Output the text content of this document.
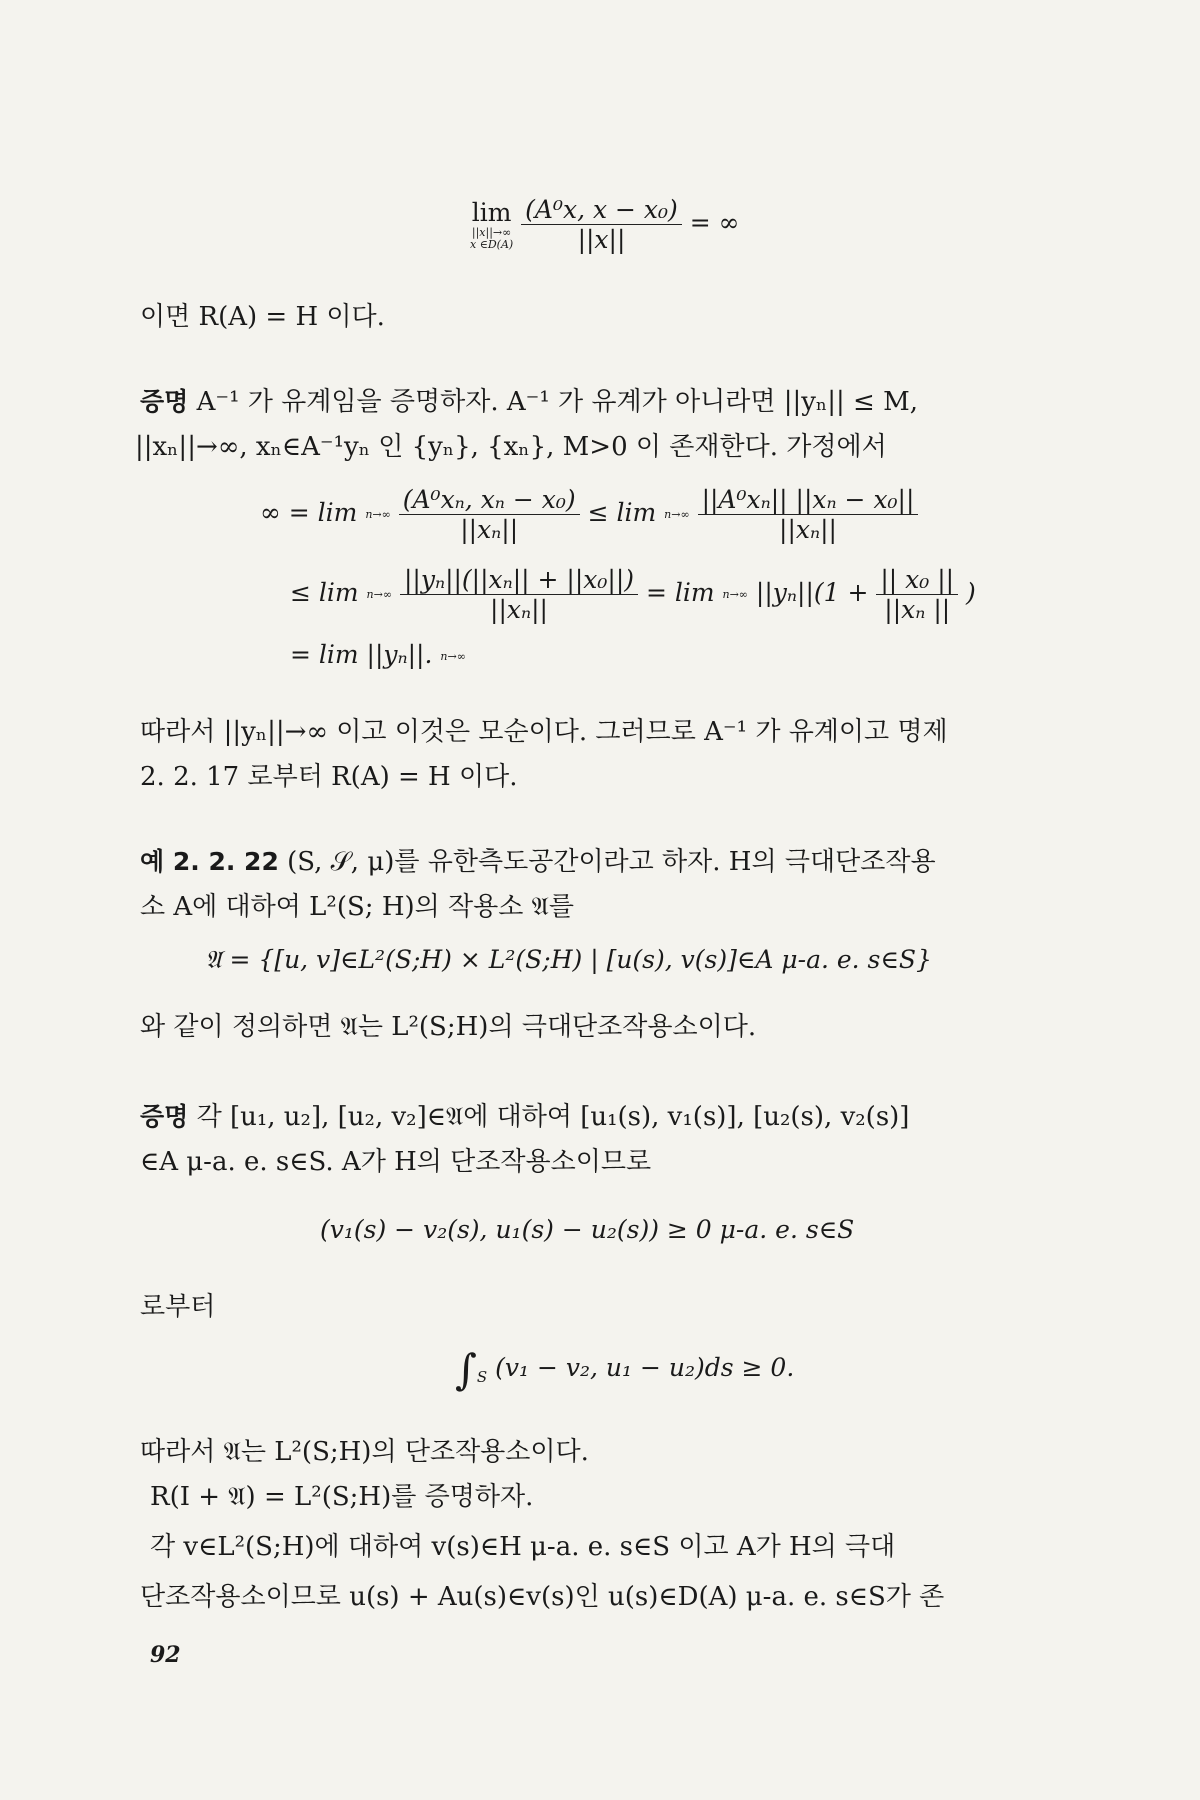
lim
||x||→∞
x ∈D(A)
$\frac{\text{(A⁰x, x − x₀)}}{||x||}$ = ∞
이면 R(A) = H 이다.
증명 A⁻¹ 가 유계임을 증명하자. A⁻¹ 가 유계가 아니라면 ||yₙ|| ≤ M,
||xₙ||→∞, xₙ∈A⁻¹yₙ 인 {yₙ}, {xₙ}, M>0 이 존재한다. 가정에서
∞ = lim n→∞
$\frac{\text{(A⁰xₙ, xₙ − x₀)}}{\text{||xₙ||}} \le \lim n\to\infty$
$\frac{\text{||A⁰xₙ|| ||xₙ − x₀||}}{\text{||xₙ||}}$
≤ lim n→∞
$\frac{\text{||yₙ||(||xₙ|| + ||x₀||)}}{\text{||xₙ||}} = \lim n\to\infty$ $||y_n||(1 + \frac{\text{|| x₀ ||}}{\text{||xₙ ||}}$ )
= lim ||yₙ||. n→∞
따라서 ||yₙ||→∞ 이고 이것은 모순이다. 그러므로 A⁻¹ 가 유계이고 명제
2. 2. 17 로부터 R(A) = H 이다.
예 2. 2. 22 (S, 𝒮, μ)를 유한측도공간이라고 하자. H의 극대단조작용
소 A에 대하여 L²(S; H)의 작용소 𝔄를
𝔄 = {[u, v]∈L²(S;H) × L²(S;H) | [u(s), v(s)]∈A μ-a. e. s∈S}
와 같이 정의하면 𝔄는 L²(S;H)의 극대단조작용소이다.
증명 각 [u₁, u₂], [u₂, v₂]∈𝔄에 대하여 [u₁(s), v₁(s)], [u₂(s), v₂(s)]
∈A μ-a. e. s∈S. A가 H의 단조작용소이므로
(v₁(s) − v₂(s), u₁(s) − u₂(s)) ≥ 0 μ-a. e. s∈S
로부터
$\int_S$ (v₁ − v₂, u₁ − u₂)ds ≥ 0.
따라서 𝔄는 L²(S;H)의 단조작용소이다.
R(I + 𝔄) = L²(S;H)를 증명하자.
각 v∈L²(S;H)에 대하여 v(s)∈H μ-a. e. s∈S 이고 A가 H의 극대
단조작용소이므로 u(s) + Au(s)∈v(s)인 u(s)∈D(A) μ-a. e. s∈S가 존
92
